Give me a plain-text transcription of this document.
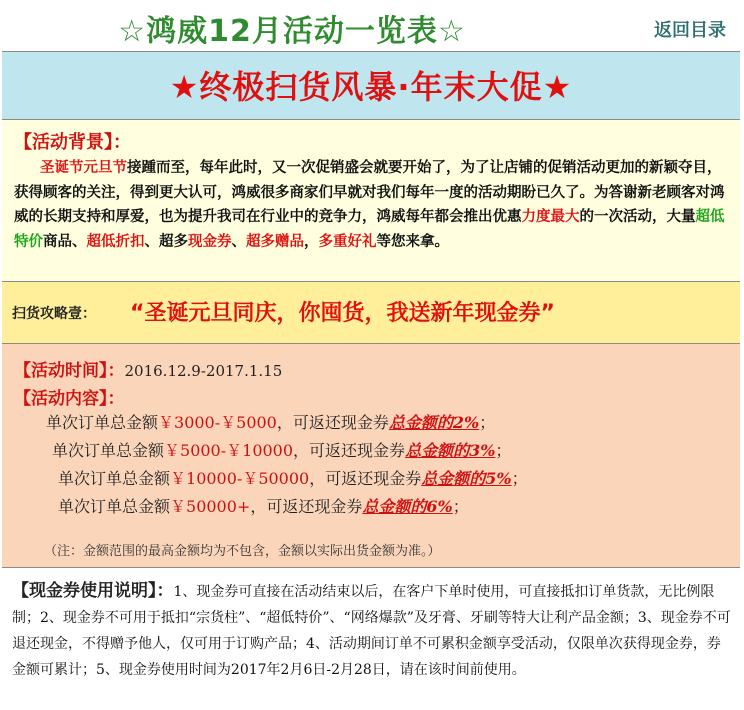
☆鸿威12月活动一览表☆	返回目录
★终极扫货风暴·年末大促★
【活动背景】：
圣诞节元旦节接踵而至，每年此时，又一次促销盛会就要开始了，为了让店铺的促销活动更加的新颖夺目，获得顾客的关注，得到更大认可，鸿威很多商家们早就对我们每年一度的活动期盼已久了。为答谢新老顾客对鸿威的长期支持和厚爱，也为提升我司在行业中的竞争力，鸿威每年都会推出优惠力度最大的一次活动，大量超低特价商品、超低折扣、超多现金券、超多赠品，多重好礼等您来拿。
扫货攻略壹： “圣诞元旦同庆，你囤货，我送新年现金券”
【活动时间】：2016.12.9-2017.1.15
【活动内容】：
单次订单总金额￥3000-￥5000，可返还现金券总金额的2%；
单次订单总金额￥5000-￥10000，可返还现金券总金额的3%；
单次订单总金额￥10000-￥50000，可返还现金券总金额的5%；
单次订单总金额￥50000+，可返还现金券总金额的6%；
（注：金额范围的最高金额均为不包含，金额以实际出货金额为准。）
【现金券使用说明】：1、现金券可直接在活动结束以后，在客户下单时使用，可直接抵扣订单货款，无比例限制；2、现金券不可用于抵扣“宗货柱”、“超低特价”、“网络爆款”及牙膏、牙刷等特大让利产品金额；3、现金券不可退还现金，不得赠予他人，仅可用于订购产品；4、活动期间订单不可累积金额享受活动，仅限单次获得现金券，券金额可累计；5、现金券使用时间为2017年2月6日-2月28日，请在该时间前使用。
